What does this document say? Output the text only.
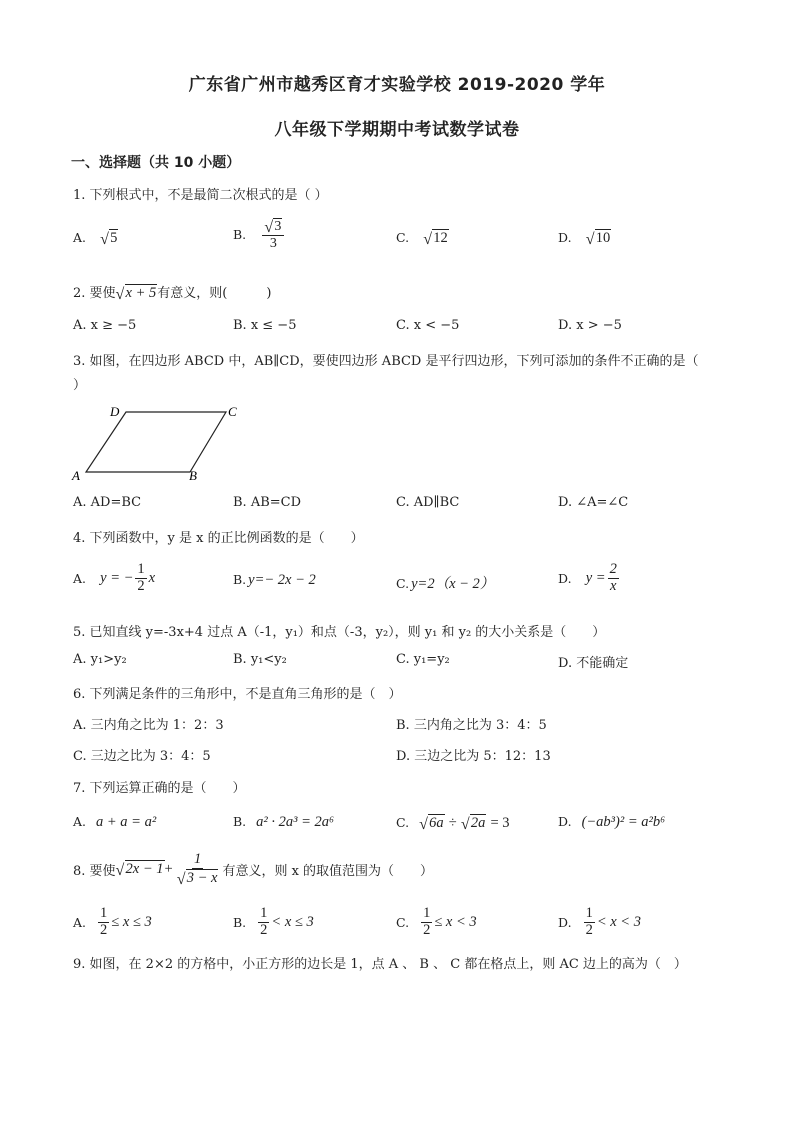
广东省广州市越秀区育才实验学校 2019-2020 学年
八年级下学期期中考试数学试卷
一、选择题（共 10 小题）
1. 下列根式中，不是最简二次根式的是（ ）
A. √ 5	B. $\frac{√ 3}{3}$	C. √ 12	D. √ 10
2. 要使 √ x + 5有意义，则(　　　)
A. x ≥ −5	B. x ≤ −5	C. x < −5	D. x > −5
3. 如图，在四边形 ABCD 中，AB∥CD，要使四边形 ABCD 是平行四边形，下列可添加的条件不正确的是（
）
A	B
C
D
A. AD=BC	B. AB=CD	C. AD∥BC	D. ∠A=∠C
4. 下列函数中，y 是 x 的正比例函数的是（　　）
A. y = − $\frac{1}{2}$ x	B. y=− 2x − 2	C. y=2（x − 2）	D. $y = \frac{2}{x}$
5. 已知直线 y=-3x+4 过点 A（-1，y₁）和点（-3，y₂），则 y₁ 和 y₂ 的大小关系是（　　）
A. y₁>y₂	B. y₁<y₂	C. y₁=y₂	D. 不能确定
6. 下列满足条件的三角形中，不是直角三角形的是（　）
A. 三内角之比为 1：2：3	B. 三内角之比为 3：4：5
C. 三边之比为 3：4：5	D. 三边之比为 5：12：13
7. 下列运算正确的是（　　）
A. a + a = a²	B. a² · 2a³ = 2a⁶	C. √ 6a ÷ √ 2a = 3	D. (−ab³)² = a²b⁶
8. 要使 √ $2x - 1+ \frac{1}{√ 3 - x}$ 有意义，则 x 的取值范围为（　　）
A. $\frac{1}{2} \le x \le 3$	B. $\frac{1}{2} < x \le 3$	C. $\frac{1}{2} \le x < 3$	D. $\frac{1}{2} < x < 3$
9. 如图，在 2×2 的方格中，小正方形的边长是 1，点 A 、 B 、 C 都在格点上，则 AC 边上的高为（　）
